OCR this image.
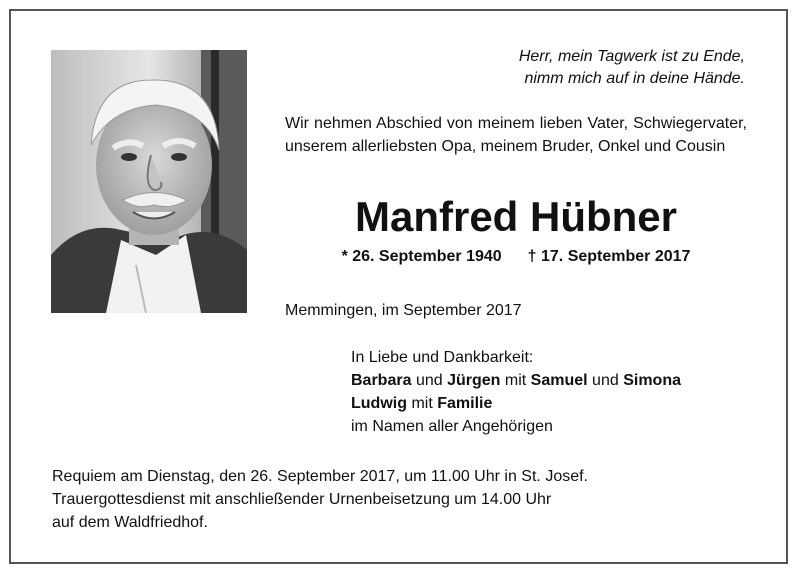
Herr, mein Tagwerk ist zu Ende,
nimm mich auf in deine Hände.
Wir nehmen Abschied von meinem lieben Vater, Schwiegervater, unserem allerliebsten Opa, meinem Bruder, Onkel und Cousin
Manfred Hübner
* 26. September 1940 † 17. September 2017
Memmingen, im September 2017
In Liebe und Dankbarkeit:
Barbara und Jürgen mit Samuel und Simona
Ludwig mit Familie
im Namen aller Angehörigen
Requiem am Dienstag, den 26. September 2017, um 11.00 Uhr in St. Josef.
Trauergottesdienst mit anschließender Urnenbeisetzung um 14.00 Uhr
auf dem Waldfriedhof.
